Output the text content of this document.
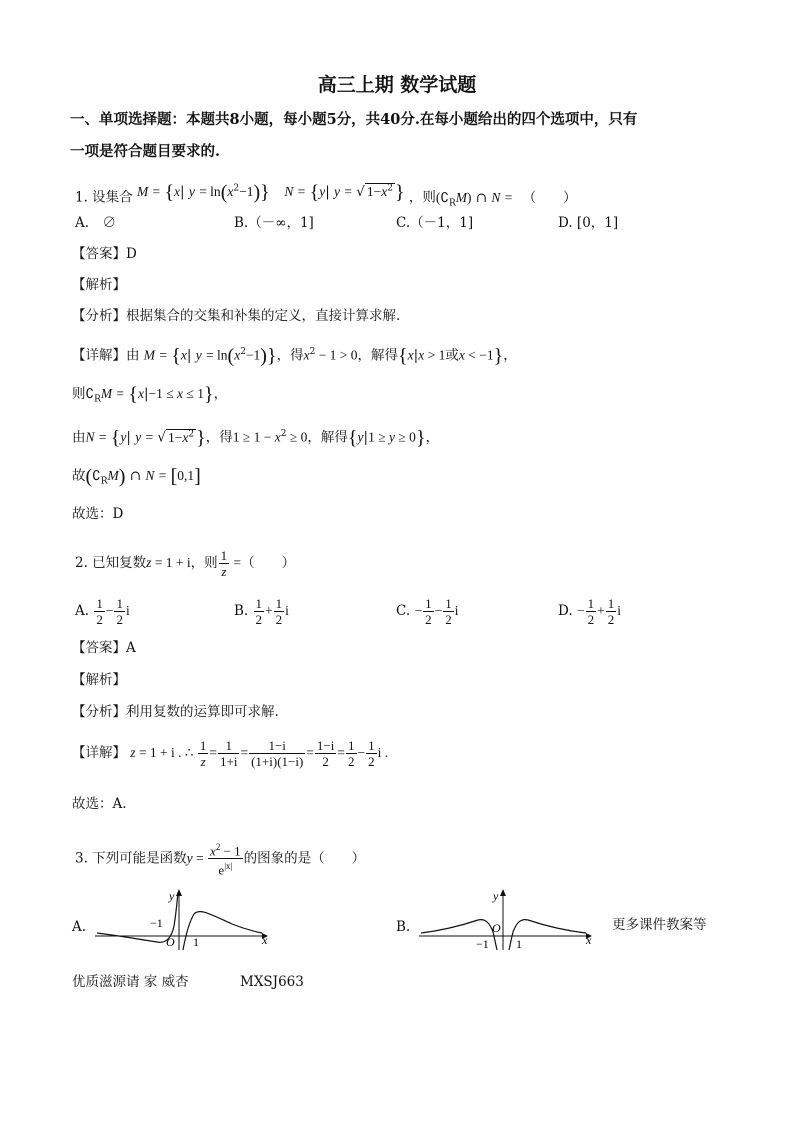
高三上期 数学试题
一、单项选择题：本题共8小题，每小题5分，共40分.在每小题给出的四个选项中，只有
一项是符合题目要求的.
1. 设集合 M = {x| $y = \ln(x^2-1)$} N = {y| y = √ $1-x^2$ } ，则$(∁_RM)$ ∩ N = （　　）
A.　∅	B.（－∞，1]	C.（－1，1]	D. [0，1]
【答案】D
【解析】
【分析】根据集合的交集和补集的定义，直接计算求解.
【详解】由 M = {x| $y = \ln(x^2-1)$}，得$x^2 - 1 > 0$，解得{x|x > 1或x < −1}，
则$∁_RM = \{x|-1 \le x \le 1\}$，
由N = {y| y = √ $1-x^2$ }，得$1 \ge 1 - x^2 \ge 0$，解得{y|1 ≥ y ≥ 0}，
故$(∁_RM)$ ∩ N = [0,1]
故选：D
2. 已知复数z = 1 + i，则 $\frac{1}{z}$ =（　　）
A. $\frac{1}{2} - \frac{1}{2}$ i	B. $\frac{1}{2} + \frac{1}{2}$ i	C. − $\frac{1}{2} - \frac{1}{2}$ i	D. − $\frac{1}{2} + \frac{1}{2}$ i
【答案】A
【解析】
【分析】利用复数的运算即可求解.
【详解】 z = 1 + i . ∴ $\frac{1}{z} = \frac{1}{1+i} = \frac{1-i}{(1+i)(1-i)} = \frac{1-i}{2} = \frac{1}{2} - \frac{1}{2}$ i .
故选：A.
3. 下列可能是函数$y = \frac{x^2 - 1}{e^{|x|}}$ 的图象的是（　　）
A.	−1
O 1
y
x
B.
−1
O
1
y
x
更多课件教案等
优质滋源请 家 威杏	MXSJ663
